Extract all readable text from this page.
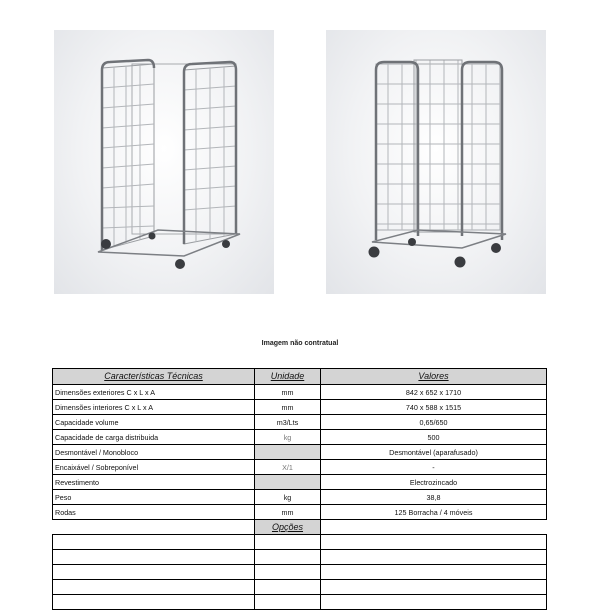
Imagem não contratual
Características Técnicas	Unidade	Valores
Dimensões exteriores C x L x A	mm	842 x 652 x 1710
Dimensões interiores C x L x A	mm	740 x 588 x 1515
Capacidade volume	m3/Lts	0,65/650
Capacidade de carga distribuida	kg	500
Desmontável / Monobloco		Desmontável (aparafusado)
Encaixável / Sobreponível	X/1	-
Revestimento		Electrozincado
Peso	kg	38,8
Rodas	mm	125 Borracha / 4 móveis
	Opções	
